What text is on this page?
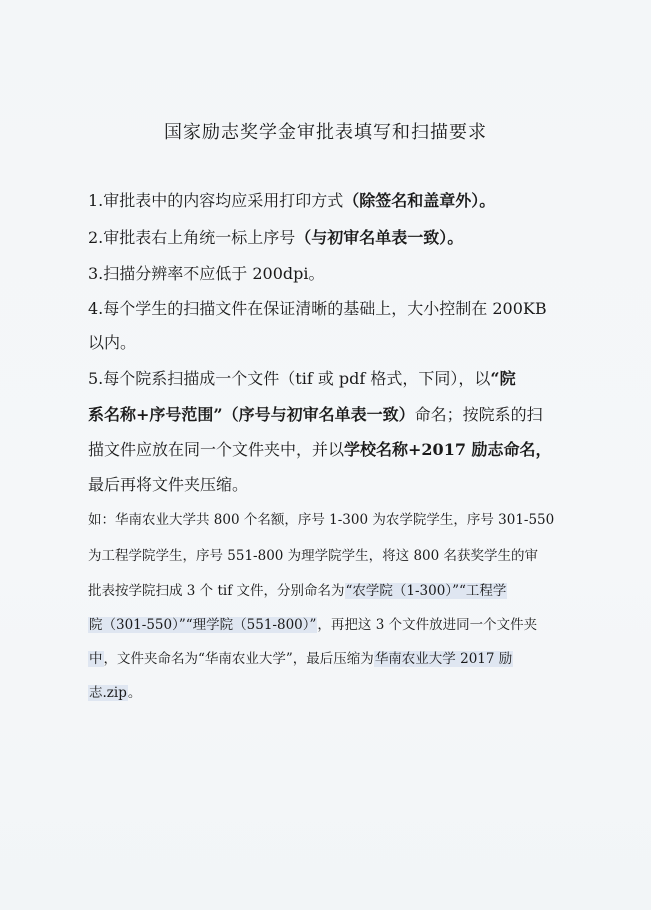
国家励志奖学金审批表填写和扫描要求
1.审批表中的内容均应采用打印方式（除签名和盖章外）。
2.审批表右上角统一标上序号（与初审名单表一致）。
3.扫描分辨率不应低于 200dpi。
4.每个学生的扫描文件在保证清晰的基础上，大小控制在 200KB
以内。
5.每个院系扫描成一个文件（tif 或 pdf 格式，下同），以“院
系名称+序号范围”（序号与初审名单表一致）命名；按院系的扫
描文件应放在同一个文件夹中，并以学校名称+2017 励志命名，
最后再将文件夹压缩。
如：华南农业大学共 800 个名额，序号 1-300 为农学院学生，序号 301-550
为工程学院学生，序号 551-800 为理学院学生，将这 800 名获奖学生的审
批表按学院扫成 3 个 tif 文件，分别命名为“农学院（1-300）”“工程学
院（301-550）”“理学院（551-800）”，再把这 3 个文件放进同一个文件夹
中，文件夹命名为“华南农业大学”，最后压缩为华南农业大学 2017 励
志.zip。
